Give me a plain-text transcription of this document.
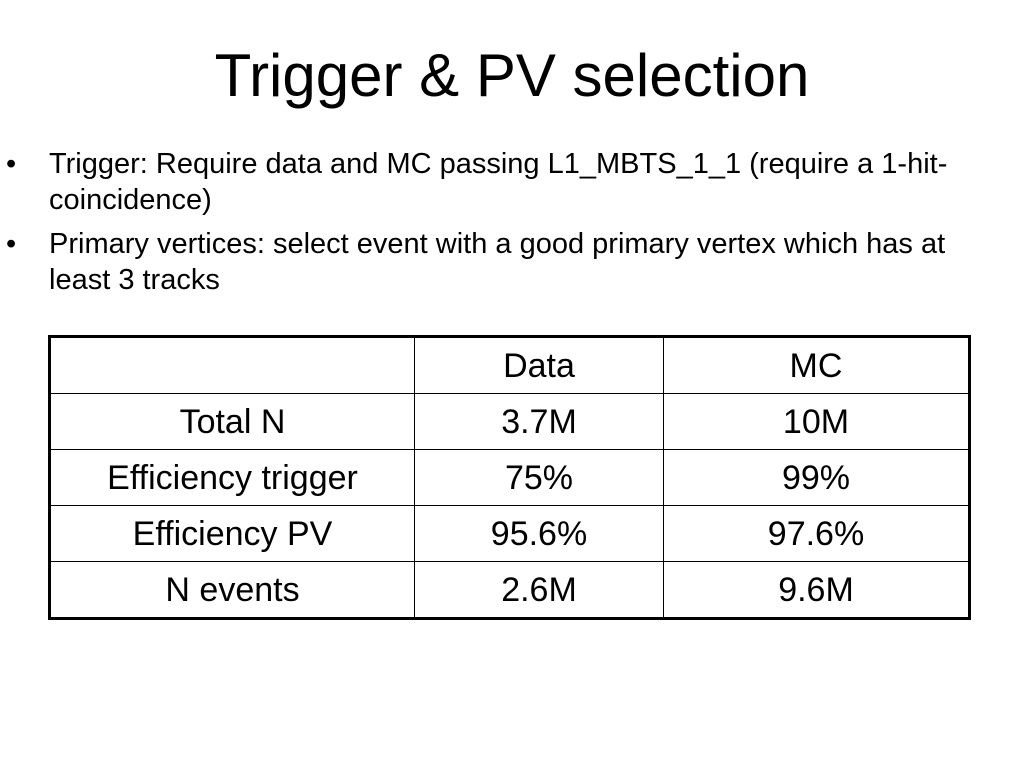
Trigger & PV selection
• Trigger: Require data and MC passing L1_MBTS_1_1 (require a 1-hit-coincidence)
• Primary vertices: select event with a good primary vertex which has at least 3 tracks
	Data	MC
Total N	3.7M	10M
Efficiency trigger	75%	99%
Efficiency PV	95.6%	97.6%
N events	2.6M	9.6M
